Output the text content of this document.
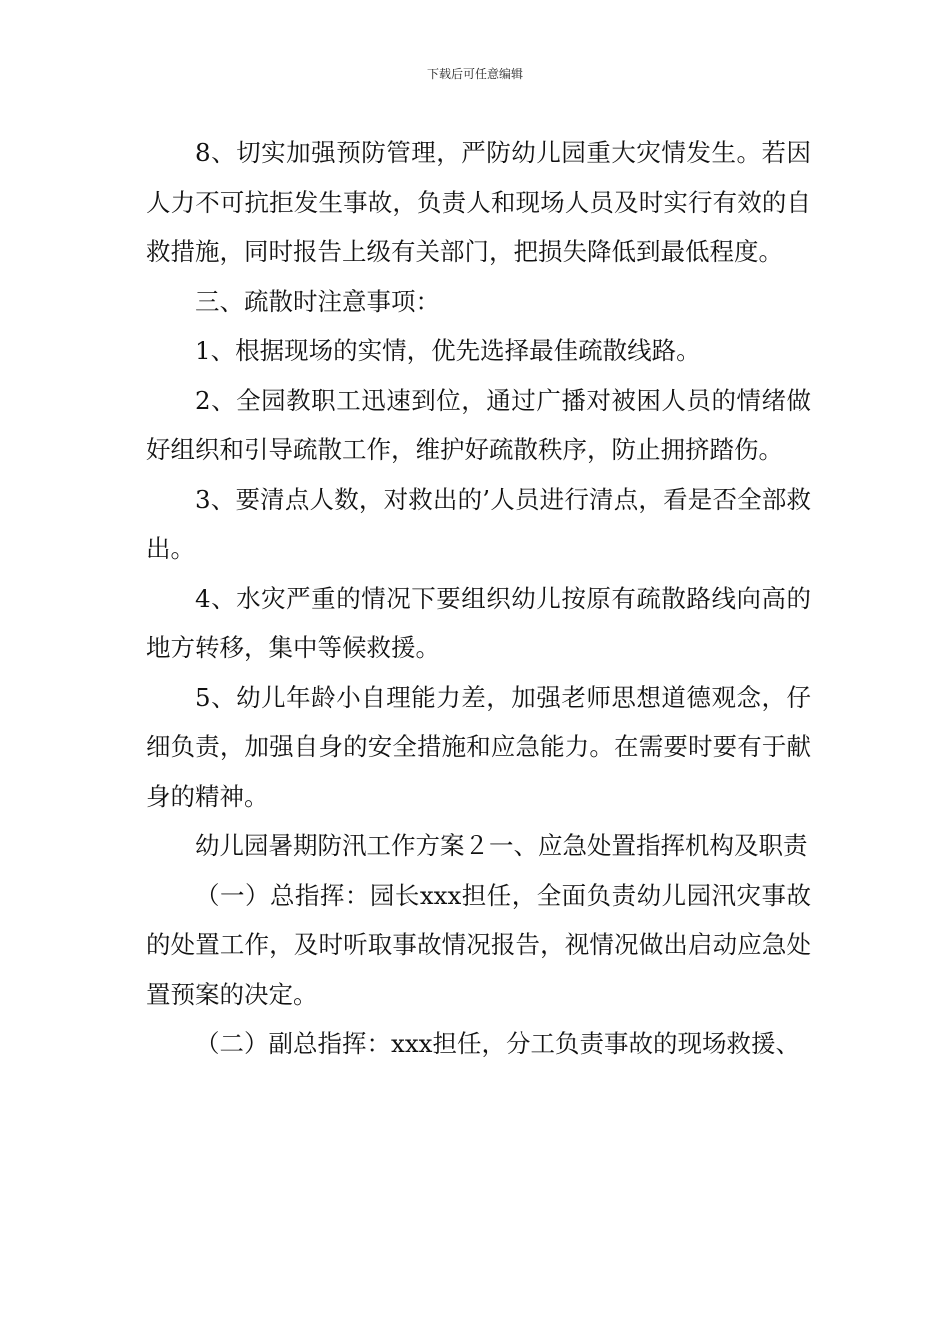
下载后可任意编辑

8、切实加强预防管理，严防幼儿园重大灾情发生。若因人力不可抗拒发生事故，负责人和现场人员及时实行有效的自救措施，同时报告上级有关部门，把损失降低到最低程度。

三、疏散时注意事项：

1、根据现场的实情，优先选择最佳疏散线路。

2、全园教职工迅速到位，通过广播对被困人员的情绪做好组织和引导疏散工作，维护好疏散秩序，防止拥挤踏伤。

3、要清点人数，对救出的’人员进行清点，看是否全部救出。

4、水灾严重的情况下要组织幼儿按原有疏散路线向高的地方转移，集中等候救援。

5、幼儿年龄小自理能力差，加强老师思想道德观念，仔细负责，加强自身的安全措施和应急能力。在需要时要有于献身的精神。

幼儿园暑期防汛工作方案２一、应急处置指挥机构及职责

（一）总指挥：园长xxx担任，全面负责幼儿园汛灾事故的处置工作，及时听取事故情况报告，视情况做出启动应急处置预案的决定。

（二）副总指挥：xxx担任，分工负责事故的现场救援、
